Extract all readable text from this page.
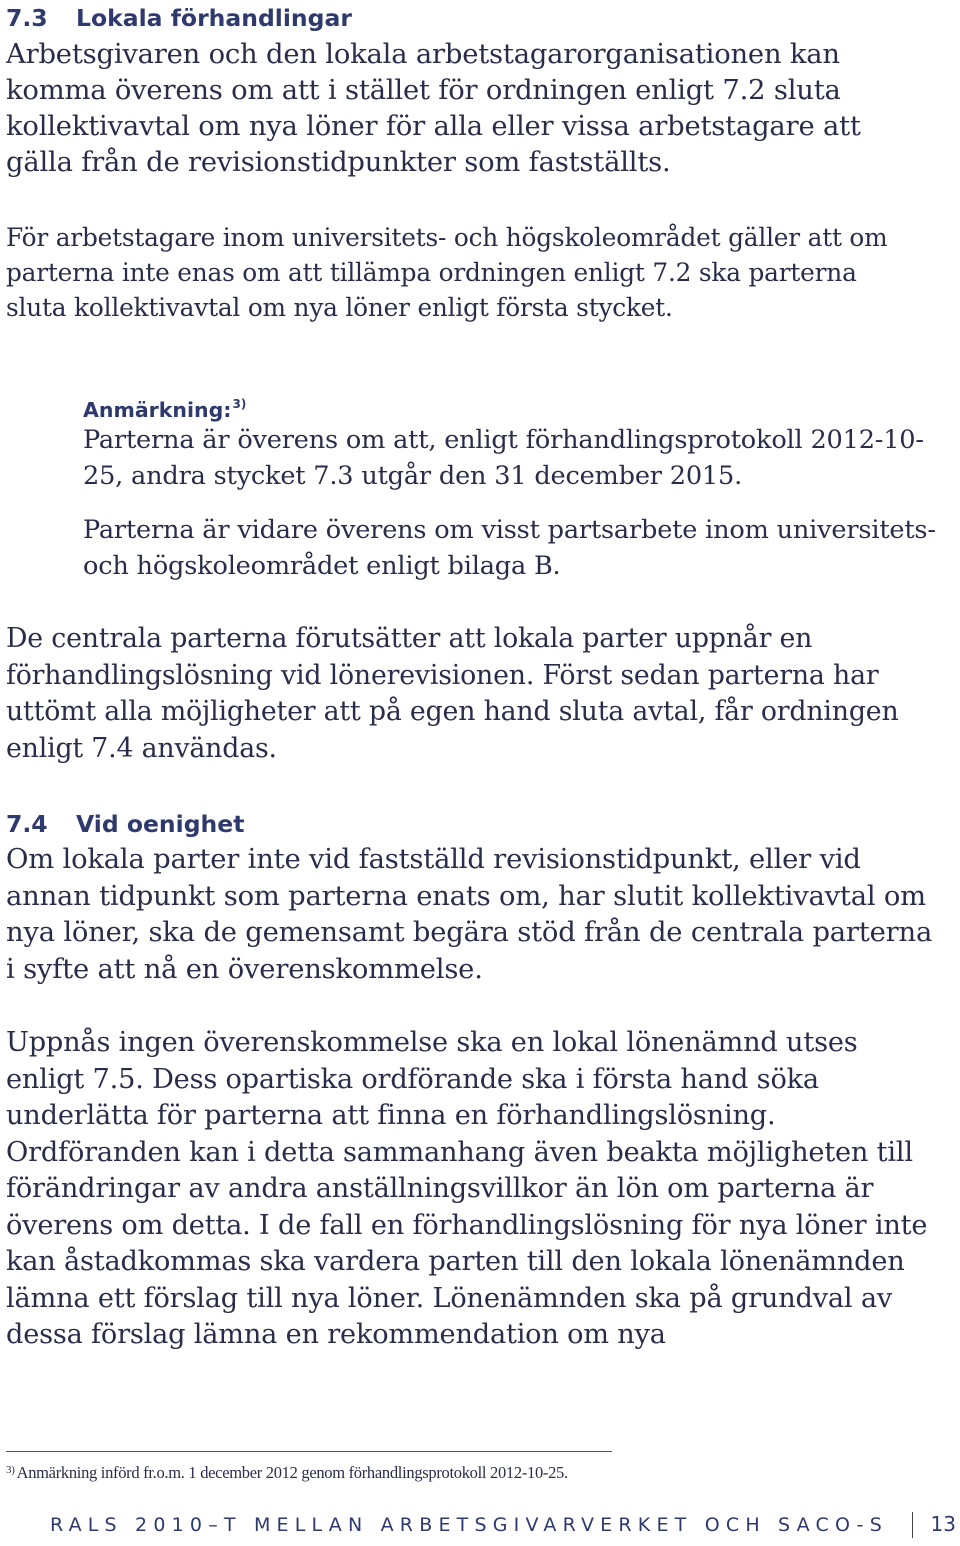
7.3 Lokala förhandlingar

Arbetsgivaren och den lokala arbetstagarorganisationen kan komma överens om att i stället för ordningen enligt 7.2 sluta kollektivavtal om nya löner för alla eller vissa arbetstagare att gälla från de revisionstidpunkter som fastställts.

För arbetstagare inom universitets- och högskoleområdet gäller att om parterna inte enas om att tillämpa ordningen enligt 7.2 ska parterna sluta kollektivavtal om nya löner enligt första stycket.

Anmärkning:$^{3)}$

Parterna är överens om att, enligt förhandlingsprotokoll 2012-10-25, andra stycket 7.3 utgår den 31 december 2015.

Parterna är vidare överens om visst partsarbete inom universitets- och högskoleområdet enligt bilaga B.

De centrala parterna förutsätter att lokala parter uppnår en förhandlingslösning vid lönerevisionen. Först sedan parterna har uttömt alla möjligheter att på egen hand sluta avtal, får ordningen enligt 7.4 användas.

7.4 Vid oenighet

Om lokala parter inte vid fastställd revisionstidpunkt, eller vid annan tidpunkt som parterna enats om, har slutit kollektivavtal om nya löner, ska de gemensamt begära stöd från de centrala parterna i syfte att nå en överenskommelse.

Uppnås ingen överenskommelse ska en lokal lönenämnd utses enligt 7.5. Dess opartiska ordförande ska i första hand söka underlätta för parterna att finna en förhandlingslösning. Ordföranden kan i detta sammanhang även beakta möjligheten till förändringar av andra anställningsvillkor än lön om parterna är överens om detta. I de fall en förhandlingslösning för nya löner inte kan åstadkommas ska vardera parten till den lokala lönenämnden lämna ett förslag till nya löner. Lönenämnden ska på grundval av dessa förslag lämna en rekommendation om nya

$^{3)}$ Anmärkning införd fr.o.m. 1 december 2012 genom förhandlingsprotokoll 2012-10-25.
RALS 2010–T MELLAN ARBETSGIVARVERKET OCH SACO-S 13
